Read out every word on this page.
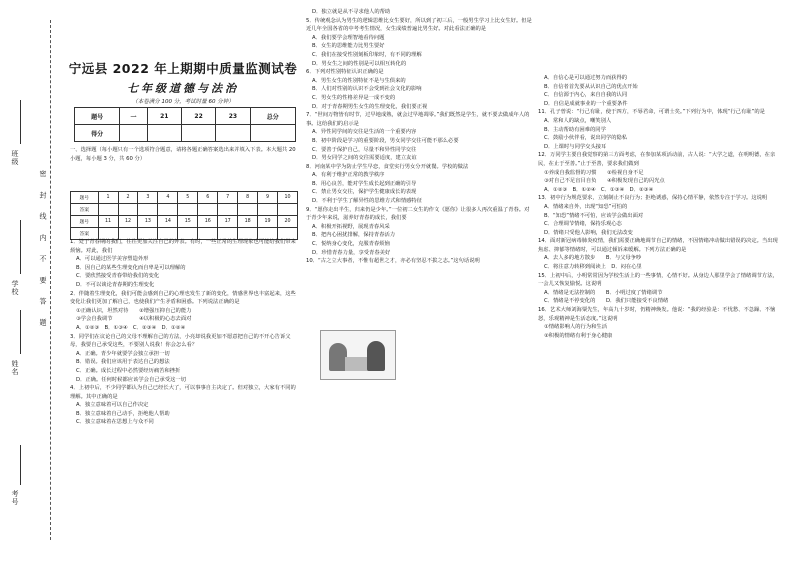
考号
姓名
学校
班级
密 封 线 内 不 要 答 题
宁远县 2022 年上期期中质量监测试卷
七年级道德与法治
（本卷满分 100 分，考试时量 60 分钟）
题号	一	21	22	23	总分
得分					
一、选择题（每小题只有一个选项符合题意，请将各题正确答案选出来并填入下表。本大题共 20 小题，每小题 3 分，共 60 分）
题号	1	2	3	4	5	6	7	8	9	10
答案										
题号	11	12	13	14	15	16	17	18	19	20
答案										

1．处于青春期的我们，往往更加关注自己的外表。有时，一些正常的生理现象也可能给我们带来烦恼。对此，我们

A．可以通过医学美容塑造外形

B．因自己的某些生理变化而自卑是可以理解的

C．要欣然接受青春带给我们的变化

D．不可以谈论青春期的生理变化

2．伴随着生理变化，我们可能会感到自己的心理也发生了新的变化，情感世界也丰富起来，这些变化让我们更加了解自己，也使我们产生矛盾和困惑。下列说法正确的是

①正确认识，坦然对待　　②增强压抑自己的能力

③学会自我调节　　　　　④以积极的心态去面对

A．①②③　B．①③④　C．②③④　D．①②④

3．同学们在议论自己的父母不理解自己的方法，小亮却说我更加不愿意把自己的不开心告诉父母，我要自己承受这些，不要别人说我！你会怎么看？

A．正确。青少年就要学会独立承担一切

B．错误。我们应该用于表达自己的想法

C．正确。成长过程中必然要经历痛苦和挫折

D．正确。任何时候都应该学会自己承受这一切

4．上初中后，不少同学都认为自己已经长大了，可以事事自主决定了。但对独立，大家有不同的理解。其中正确的是

A．独立意味着可以自己作决定

B．独立意味着自己动手，拒绝他人帮助

C．独立意味着在思想上与众不同

D．独立就是从不寻求他人的帮助

5．传统观念认为男生的逻辑思维比女生要好，所以到了初三后，一般男生学习上比女生好。但是近几年全国各省的中考考生情况，女生成绩普遍比男生好。对此看法正确的是

A．我们要学会理智地看待问题

B．女生的思维能力比男生要好

C．我们在接受性别刻板印象时，有不同的理解

D．男女生之间的性别是可以相互转化的

6．下列对性别特征认识正确的是

A．男生女生的性别特征不是与生俱来的

B．人们对性别的认识不会受到社会文化的影响

C．男女生的性格差异是一成不变的

D．对于青春期男生女生的生理变化，我们要正视

7．“世间万物皆有时节，过早地成熟，就会过早地凋零。”我们既然是学生，就不要去做成年人的事。这给我们的启示是

A．异性同学间的交往是生活的一个重要内容

B．初中阶段是学习的重要阶段，男女同学交往可能不那么必要

C．要善于保护自己，尽量不和异性同学交往

D．男女同学之间的交往需要适度，建立友谊

8．河南某中学为防止学生早恋，食堂实行男女分开就餐。学校的做法

A．有利于维护正常的教学秩序

B．用心良苦，能对学生成长起到正确的引导

C．禁止男女交往，保护学生健康成长的表现

D．不利于学生了解异性的思维方式和情感特征

9．“愿你走出半生，归来仍是少年。”一位初二女生的作文《愿你》让很多人再次重温了青春。对于青少年来说，滋养好青春的成长，我们要

A．积极开拓视野，展现青春风采

B．把内心困扰排解，保持青春活力

C．悦纳身心变化，克服青春烦恼

D．珍惜青春力量，享受青春美好

10．“古之立大事者，不惟有超世之才，亦必有坚忍不拔之志。”这句话说明

A．自信心是可以通过努力而获得的

B．自信者首先要从认识自己的优点开始

C．自信源于内心，来自自我的认同

D．自信是成就事业的一个重要条件

11．孔子曾说：“行己有耻，使于四方，不辱君命，可谓士矣。”下列行为中，体现“行己有耻”的是

A．常和人的缺点，嘲笑别人

B．主动帮助有困难的同学

C．鼓励小伙伴看，说出同学的隐私

D．上课时与同学交头接耳

12．万同学主要自我觉察的第三方面考虑，在参加某项活动前，古人说：“大学之道，在明明德，在亲民，在止于至善。”止于至善，要求我们做到

①养成自我监督的习惯　　②检视自身不足

③对自己不足盲目自负　　④积极发现自己的闪光点

A．①②③　B．①②④　C．①③④　D．②③④

13．初中行为规范要求，立刻制止不良行为；拒绝诱惑，保持心情平静，依然专注于学习。这说明

A．情绪来自外，出现“知恐”可怕的

B．“知恐”情绪不可怕，应该学会做出面对

C．合理调节情绪，保持乐观心态

D．情绪只受他人影响，我们无法改变

14．面对新冠病毒肺炎疫情，我们需要正确地调节自己的情绪，不因情绪冲动做出错误的决定。当出现焦虑、抑郁等情绪时，可以通过倾诉来缓解。下列方法正确的是

A．去人多的地方散步　　B．与父母争吵

C．将注意力转移到阅读上　D．闷在心里

15．上初中后，小明常常因为学校生活上的一些事情，心情不好。从身边人那里学会了情绪调节方法，一会儿又恢复愉悦。这说明

A．情绪是无法控制的　　B．小明过度了情绪调节

C．情绪是不停变化的　　D．我们只能接受不良情绪

16．艺术大师刘海粟先生，年高九十岁时，仍精神焕发。他说：“我的经验是：不忧愁、不急躁、不恼怒，乐观精神是生活态度。”这说明

①情绪影响人的行为和生活

②积极的情绪有利于身心健康
